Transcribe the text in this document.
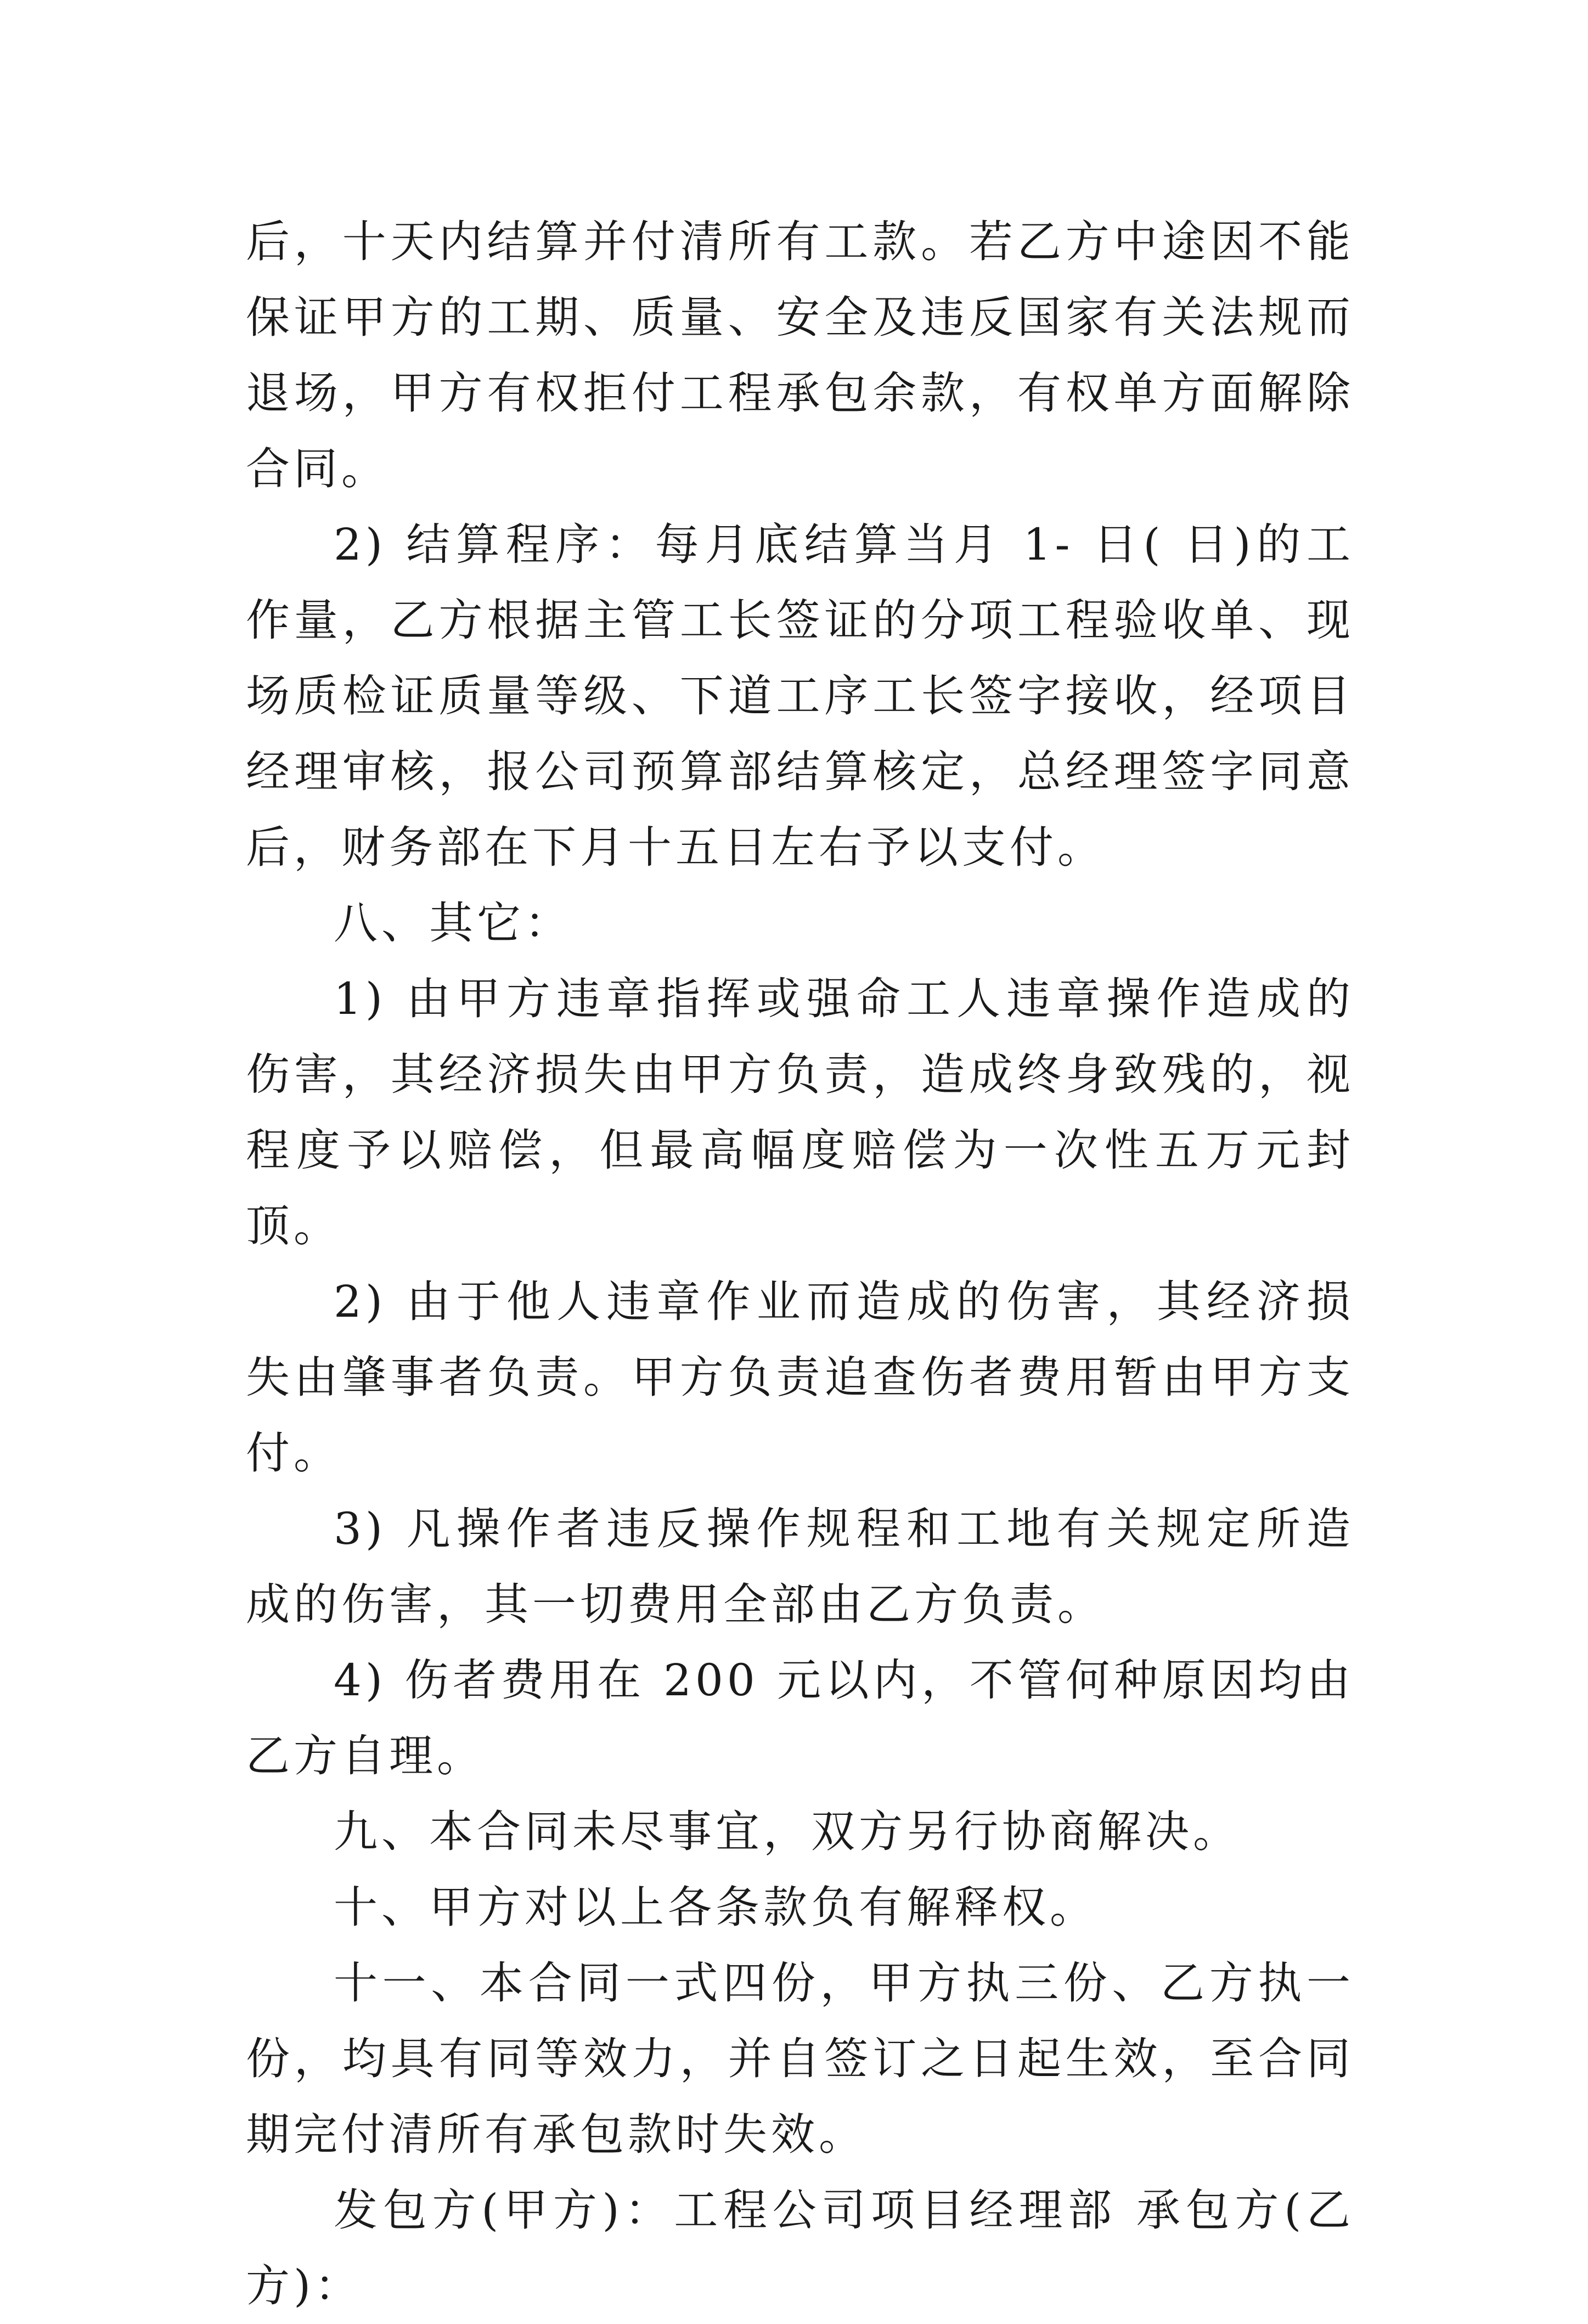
后，十天内结算并付清所有工款。若乙方中途因不能保证甲方的工期、质量、安全及违反国家有关法规而退场，甲方有权拒付工程承包余款，有权单方面解除合同。

2) 结算程序：每月底结算当月 1- 日( 日)的工作量，乙方根据主管工长签证的分项工程验收单、现场质检证质量等级、下道工序工长签字接收，经项目经理审核，报公司预算部结算核定，总经理签字同意后，财务部在下月十五日左右予以支付。

八、其它：

1) 由甲方违章指挥或强命工人违章操作造成的伤害，其经济损失由甲方负责，造成终身致残的，视程度予以赔偿，但最高幅度赔偿为一次性五万元封顶。

2) 由于他人违章作业而造成的伤害，其经济损失由肇事者负责。甲方负责追查伤者费用暂由甲方支付。

3) 凡操作者违反操作规程和工地有关规定所造成的伤害，其一切费用全部由乙方负责。

4) 伤者费用在 200 元以内，不管何种原因均由乙方自理。

九、本合同未尽事宜，双方另行协商解决。

十、甲方对以上各条款负有解释权。

十一、本合同一式四份，甲方执三份、乙方执一份，均具有同等效力，并自签订之日起生效，至合同期完付清所有承包款时失效。

发包方(甲方)：工程公司项目经理部 承包方(乙方)：
